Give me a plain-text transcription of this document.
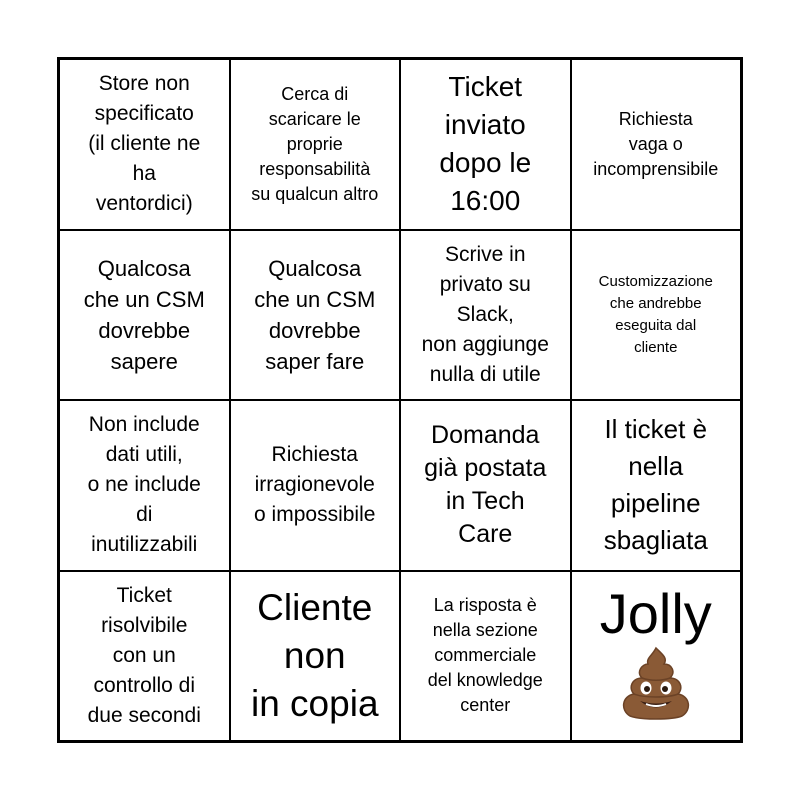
Store non
specificato
(il cliente ne
ha
ventordici)
Cerca di
scaricare le
proprie
responsabilità
su qualcun altro
Ticket
inviato
dopo le
16:00
Richiesta
vaga o
incomprensibile
Qualcosa
che un CSM
dovrebbe
sapere
Qualcosa
che un CSM
dovrebbe
saper fare
Scrive in
privato su
Slack,
non aggiunge
nulla di utile
Customizzazione
che andrebbe
eseguita dal
cliente
Non include
dati utili,
o ne include
di
inutilizzabili
Richiesta
irragionevole
o impossibile
Domanda
già postata
in Tech
Care
Il ticket è
nella
pipeline
sbagliata
Ticket
risolvibile
con un
controllo di
due secondi
Cliente
non
in copia
La risposta è
nella sezione
commerciale
del knowledge
center
Jolly
